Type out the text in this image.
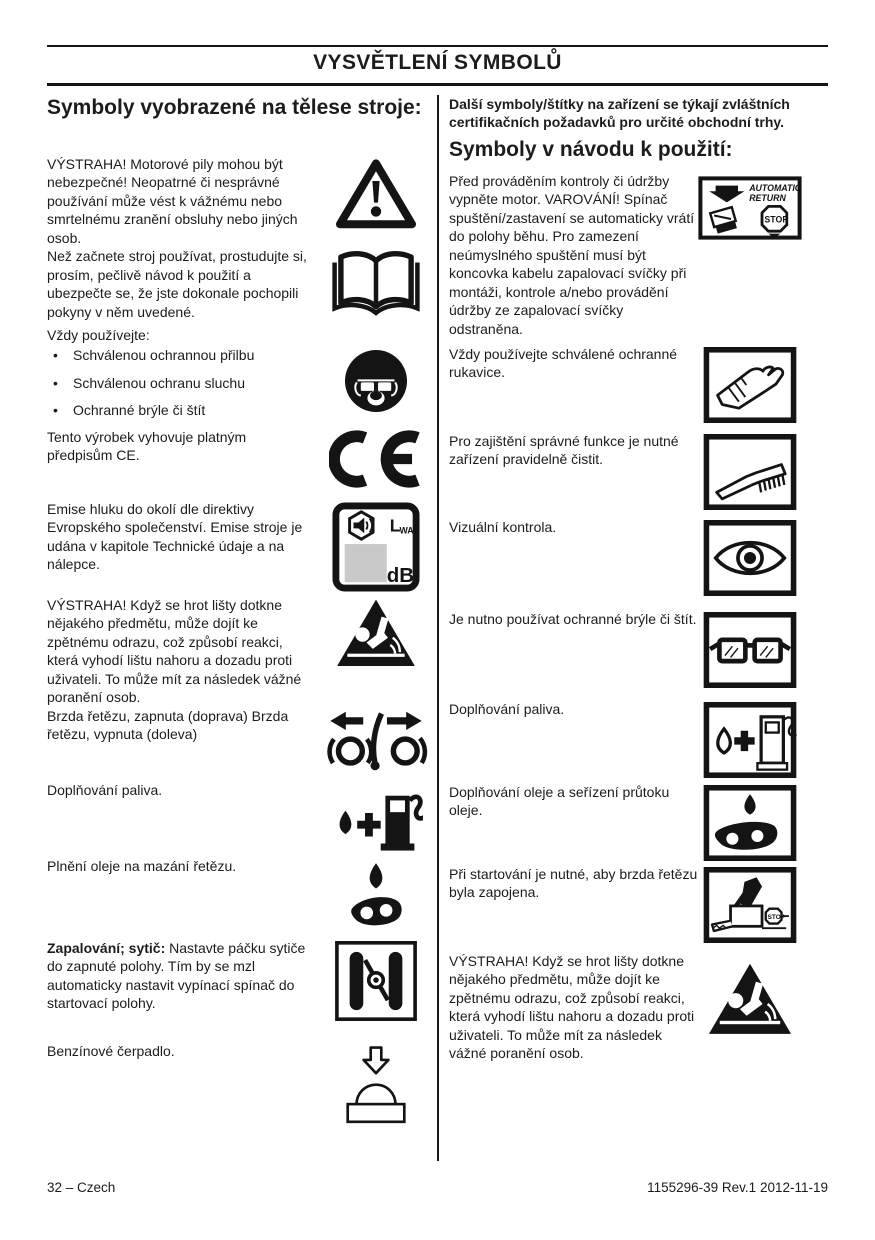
VYSVĚTLENÍ SYMBOLŮ
Symboly vyobrazené na tělese stroje:

VÝSTRAHA! Motorové pily mohou být nebezpečné! Neopatrné či nesprávné používání může vést k vážnému nebo smrtelnému zranění obsluhy nebo jiných osob.

Než začnete stroj používat, prostudujte si, prosím, pečlivě návod k použití a ubezpečte se, že jste dokonale pochopili pokyny v něm uvedené.

Vždy používejte:

•	Schválenou ochrannou přilbu
•	Schválenou ochranu sluchu
•	Ochranné brýle či štít

Tento výrobek vyhovuje platným předpisům CE.

Emise hluku do okolí dle direktivy Evropského společenství. Emise stroje je udána v kapitole Technické údaje a na nálepce.

L WA
dB

VÝSTRAHA! Když se hrot lišty dotkne nějakého předmětu, může dojít ke zpětnému odrazu, což způsobí reakci, která vyhodí lištu nahoru a dozadu proti uživateli. To může mít za následek vážné poranění osob.

Brzda řetězu, zapnuta (doprava) Brzda řetězu, vypnuta (doleva)

Doplňování paliva.

Plnění oleje na mazání řetězu.

Zapalování; sytič: Nastavte páčku sytiče do zapnuté polohy. Tím by se mzl automaticky nastavit vypínací spínač do startovací polohy.

Benzínové čerpadlo.

Další symboly/štítky na zařízení se týkají zvláštních certifikačních požadavků pro určité obchodní trhy.

Symboly v návodu k použití:

Před prováděním kontroly či údržby vypněte motor. VAROVÁNÍ! Spínač spuštění/zastavení se automaticky vrátí do polohy běhu. Pro zamezení neúmyslného spuštění musí být koncovka kabelu zapalovací svíčky při montáži, kontrole a/nebo provádění údržby ze zapalovací svíčky odstraněna.

AUTOMATIC
RETURN
STOP

Vždy používejte schválené ochranné rukavice.

Pro zajištění správné funkce je nutné zařízení pravidelně čistit.

Vizuální kontrola.

Je nutno používat ochranné brýle či štít.

Doplňování paliva.

Doplňování oleje a seřízení průtoku oleje.

Při startování je nutné, aby brzda řetězu byla zapojena.

STOP

VÝSTRAHA! Když se hrot lišty dotkne nějakého předmětu, může dojít ke zpětnému odrazu, což způsobí reakci, která vyhodí lištu nahoru a dozadu proti uživateli. To může mít za následek vážné poranění osob.

32 – Czech	1155296-39 Rev.1 2012-11-19
